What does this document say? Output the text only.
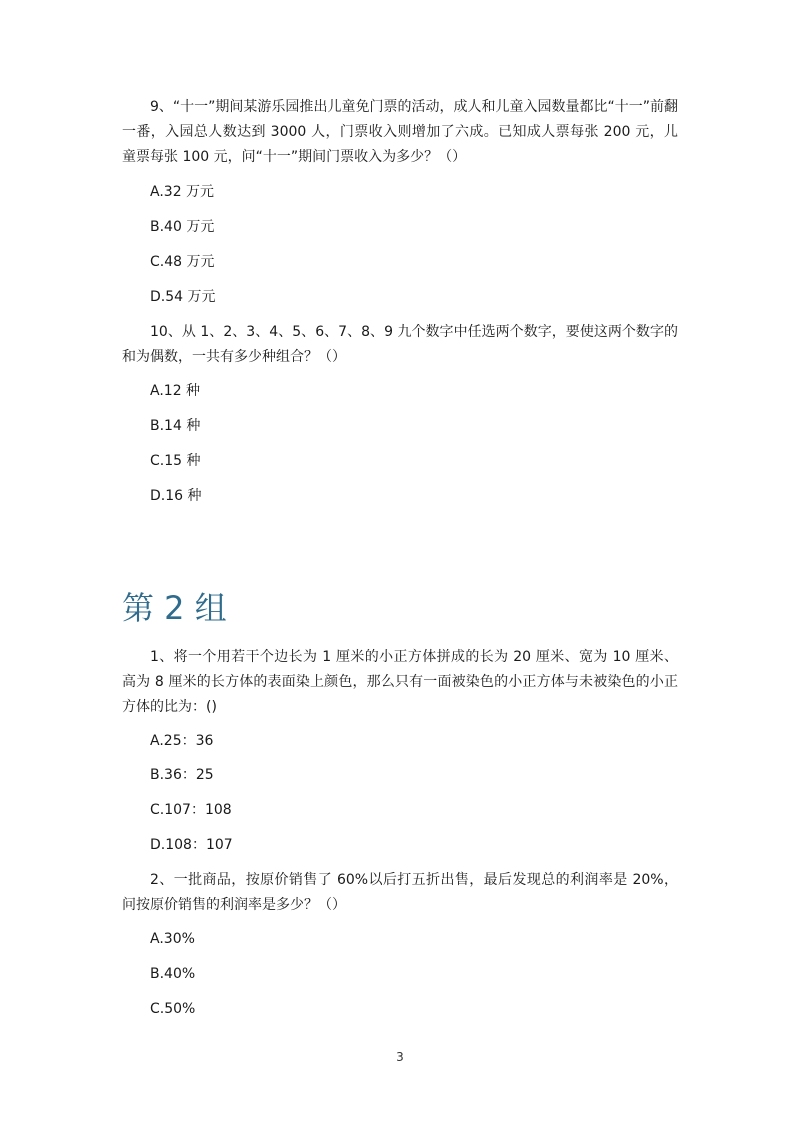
9、“十一”期间某游乐园推出儿童免门票的活动，成人和儿童入园数量都比“十一”前翻一番，入园总人数达到 3000 人，门票收入则增加了六成。已知成人票每张 200 元，儿童票每张 100 元，问“十一”期间门票收入为多少？（）

A.32 万元
B.40 万元
C.48 万元
D.54 万元

10、从 1、2、3、4、5、6、7、8、9 九个数字中任选两个数字，要使这两个数字的和为偶数，一共有多少种组合？（）

A.12 种
B.14 种
C.15 种
D.16 种
第 2 组

1、将一个用若干个边长为 1 厘米的小正方体拼成的长为 20 厘米、宽为 10 厘米、高为 8 厘米的长方体的表面染上颜色，那么只有一面被染色的小正方体与未被染色的小正方体的比为：()

A.25：36
B.36：25
C.107：108
D.108：107

2、一批商品，按原价销售了 60%以后打五折出售，最后发现总的利润率是 20%，问按原价销售的利润率是多少？（）

A.30%
B.40%
C.50%
3
